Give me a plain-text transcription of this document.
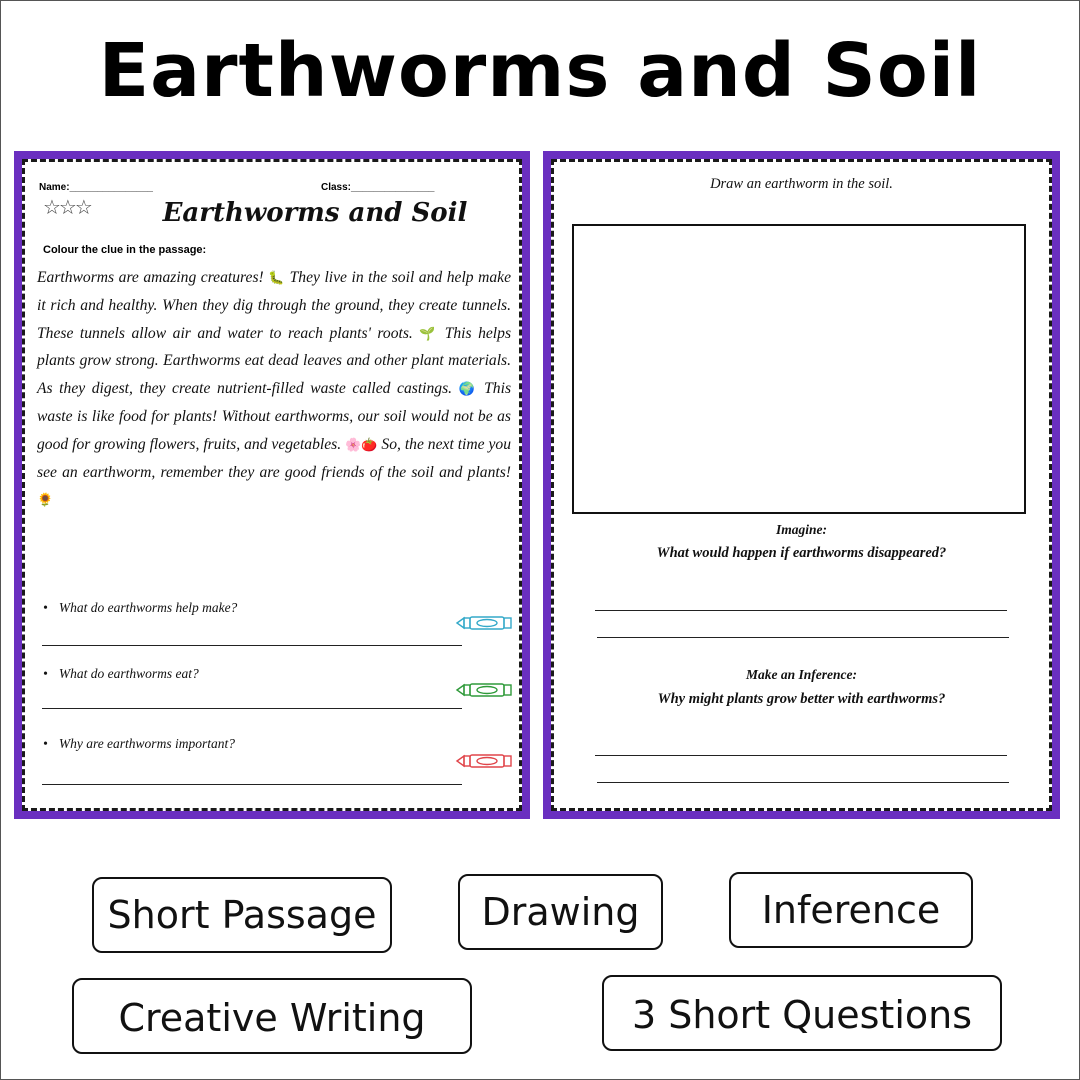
Earthworms and Soil
Name:_______________	Class:_______________
☆☆☆	Earthworms and Soil
Colour the clue in the passage:
Earthworms are amazing creatures! 🐛 They live in the soil and help make it rich and healthy. When they dig through the ground, they create tunnels. These tunnels allow air and water to reach plants' roots. 🌱 This helps plants grow strong. Earthworms eat dead leaves and other plant materials. As they digest, they create nutrient-filled waste called castings. 🌍 This waste is like food for plants! Without earthworms, our soil would not be as good for growing flowers, fruits, and vegetables. 🌸🍅 So, the next time you see an earthworm, remember they are good friends of the soil and plants! 🌻
• What do earthworms help make?
• What do earthworms eat?
• Why are earthworms important?
Draw an earthworm in the soil.
Imagine:
What would happen if earthworms disappeared?
Make an Inference:
Why might plants grow better with earthworms?
Short Passage	Drawing	Inference
Creative Writing	3 Short Questions
